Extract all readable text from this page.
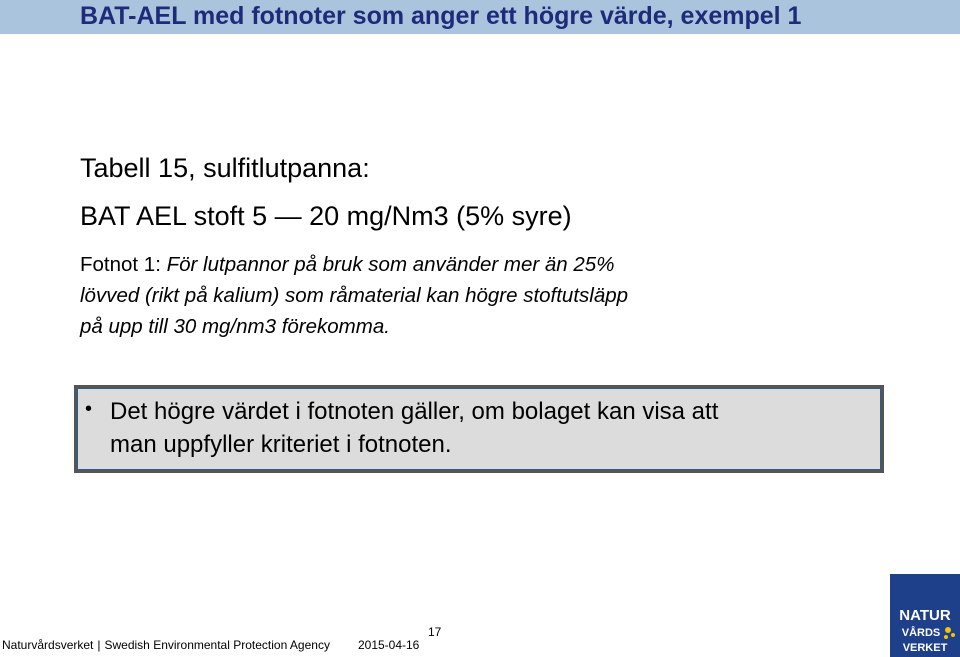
BAT-AEL med fotnoter som anger ett högre värde, exempel 1
Tabell 15, sulfitlutpanna:
BAT AEL stoft 5 — 20 mg/Nm3 (5% syre)
Fotnot 1: För lutpannor på bruk som använder mer än 25%
lövved (rikt på kalium) som råmaterial kan högre stoftutsläpp
på upp till 30 mg/nm3 förekomma.
• Det högre värdet i fotnoten gäller, om bolaget kan visa att
man uppfyller kriteriet i fotnoten.
17
Naturvårdsverket | Swedish Environmental Protection Agency 2015-04-16
NATUR
VÅRDS
VERKET
